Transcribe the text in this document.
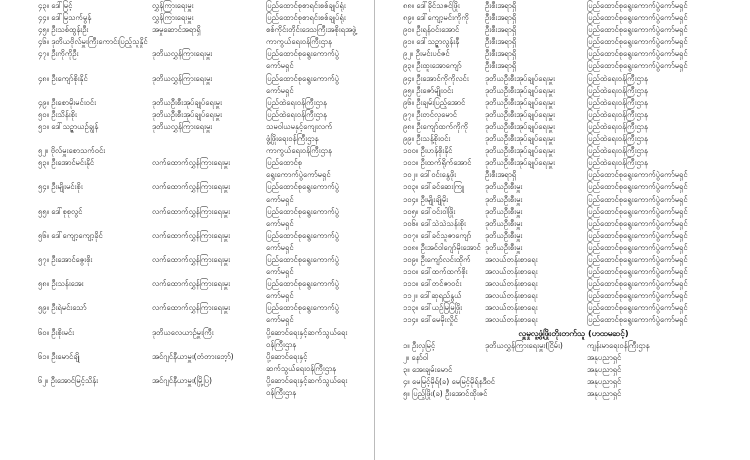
၄၃။ ဒေါ်မြင့်	လွှန်ကြားရေးမှူး	ပြည်ထောင်စုစာရင်းစစ်ချုပ်ရုံး
၄၄။ ဒေါ်မြသက်မွန်	လွှန်ကြားရေးမှူး	ပြည်ထောင်စုစာရင်းစစ်ချုပ်ရုံး
၄၅။ ဦးသစ်ထွန်းဦး	အမှုဆောင်အရာရှိ	စစ်ကိုင်းတိုင်းဒေသကြီးအစိုးရအဖွဲ့
၄၆။ ဒုတိယဗိုလ်မှူးကြီးကောင်းပြည့်သူနှိုင်	ကာကွယ်ရေးဝန်ကြီးဌာန
၄၇။ ဦးကိုကိုဦး	ဒုတိယလွှန်ကြားရေးမှူး	ပြည်ထောင်စုရွေးကောက်ပွဲ
ကော်မရှင်
၄၈။ ဦးကျော်စိုးနိုင်	ဒုတိယလွှန်ကြားရေးမှူး	ပြည်ထောင်စုရွေးကောက်ပွဲ
ကော်မရှင်
၄၉။ ဦးစောမိုးမင်းဝင်း	ဒုတိယဦးစီးအုပ်ချုပ်ရေးမှူး	ပြည်ထဲရေးဝန်ကြီးဌာန
၅၀။ ဦးသိန်းစိုး	ဒုတိယဦးစီးအုပ်ချုပ်ရေးမှူး	ပြည်ထဲရေးဝန်ကြီးဌာန
၅၁။ ဒေါ်သဉ္ဇာယဉ်ချွန်	ဒုတိယလွှန်ကြားရေးမှူး	သမဝါယမနှင့်ကျေးလက်
ဖွံ့ဖြိုးရေးဝန်ကြီးဌာန
၅၂။ ဗိုလ်မှူးစောသက်ဝင်း	ကာကွယ်ရေးဝန်ကြီးဌာန
၅၃။ ဦးအောင်မင်းနိုင်	လက်ထောက်လွှန်ကြားရေးမှူး	ပြည်ထောင်စု
ရွေးကောက်ပွဲကော်မရှင်
၅၄။ ဦးမျိုးမင်းစိုး	လက်ထောက်လွှန်ကြားရေးမှူး	ပြည်ထောင်စုရွေးကောက်ပွဲ
ကော်မရှင်
၅၅။ ဒေါ်စုစုလွင်	လက်ထောက်လွှန်ကြားရေးမှူး	ပြည်ထောင်စုရွေးကောက်ပွဲ
ကော်မရှင်
၅၆။ ဒေါ်ကျော့ကျော့ခိုင်	လက်ထောက်လွှန်ကြားရေးမှူး	ပြည်ထောင်စုရွေးကောက်ပွဲ
ကော်မရှင်
၅၇။ ဦးအောင်ဇွေးစိုး	လက်ထောက်လွှန်ကြားရေးမှူး	ပြည်ထောင်စုရွေးကောက်ပွဲ
ကော်မရှင်
၅၈။ ဦးသန်းအေး	လက်ထောက်လွှန်ကြားရေးမှူး	ပြည်ထောင်စုရွေးကောက်ပွဲ
ကော်မရှင်
၅၉။ ဦးရဲမင်းသော်	လက်ထောက်လွှန်ကြားရေးမှူး	ပြည်ထောင်စုရွေးကောက်ပွဲ
ကော်မရှင်
၆၀။ ဦးစိုးမင်း	ဒုတိယလေယာဉ်မှူးကြီး	ပို့ဆောင်ရေးနှင့်ဆက်သွယ်ရေး
ဝန်ကြီးဌာန
၆၁။ ဦးမောင်ချို	အင်ဂျင်နီယာမှူး(တံတားဘေ့ာ်)	ပို့ဆောင်ရေးနှင့်
ဆက်သွယ်ရေးဝန်ကြီးဌာန
၆၂။ ဦးအောင်မြင့်သိန်း	အင်ဂျင်နီယာမှူး(မြို့ပြ)	ပို့ဆောင်ရေးနှင့်ဆက်သွယ်ရေး
ဝန်ကြီးဌာန
၈၈။ ဒေါ်ခိုင်သဇင်ဖြိုး	ဦးစီးအရာရှိ	ပြည်ထောင်စုရွေးကောက်ပွဲကော်မရှင်
၈၉။ ဒေါ်ကျော့မင်းကိုကို	ဦးစီးအရာရှိ	ပြည်ထောင်စုရွေးကောက်ပွဲကော်မရှင်
၉၀။ ဦးရန်ဝင်းအောင်	ဦးစီးအရာရှိ	ပြည်ထောင်စုရွေးကောက်ပွဲကော်မရှင်
၉၁။ ဒေါ်သဉ္ဇာလွန်းနီ	ဦးစီးအရာရှိ	ပြည်ထောင်စုရွေးကောက်ပွဲကော်မရှင်
၉၂။ ဦးမင်းပင်ဇင်	ဦးစီးအရာရှိ	ပြည်ထောင်စုရွေးကောက်ပွဲကော်မရှင်
၉၃။ ဦးထူးအောကျော်	ဦးစီးအရာရှိ	ပြည်ထောင်စုရွေးကောက်ပွဲကော်မရှင်
၉၄။ ဦးအောင်ကိုကိုလင်း	ဒုတိယဦးစီးအုပ်ချုပ်ရေးမှူး	ပြည်ထဲရေးဝန်ကြီးဌာန
၉၅။ ဦးဇော်မျိုးဝင်း	ဒုတိယဦးစီးအုပ်ချုပ်ရေးမှူး	ပြည်ထဲရေးဝန်ကြီးဌာန
၉၆။ ဦးချမ်းပြည့်အောင်	ဒုတိယဦးစီးအုပ်ချုပ်ရေးမှူး	ပြည်ထဲရေးဝန်ကြီးဌာန
၉၇။ ဦးတင်လှမောင်	ဒုတိယဦးစီးအုပ်ချုပ်ရေးမှူး	ပြည်ထဲရေးဝန်ကြီးဌာန
၉၈။ ဦးကျော်ထက်ကိုကို	ဒုတိယဦးစီးအုပ်ချုပ်ရေးမှူး	ပြည်ထဲရေးဝန်ကြီးဌာန
၉၉။ ဦးသန့်စိုးဝင်း	ဒုတိယဦးစီးအုပ်ချုပ်ရေးမှူး	ပြည်ထဲရေးဝန်ကြီးဌာန
၁၀၀။ ဦးဟန်စိုးနိုင်	ဒုတိယဦးစီးအုပ်ချုပ်ရေးမှူး	ပြည်ထဲရေးဝန်ကြီးဌာန
၁၀၁။ ဦးထက်ရိုက်အောင်	ဒုတိယဦးစီးအုပ်ချုပ်ရေးမှူး	ပြည်ထဲရေးဝန်ကြီးဌာန
၁၀၂။ ဒေါ်ဝင်းနွေဖိုး	ဦးစီးအရာရှိ	ပြည်ထောင်စုရွေးကောက်ပွဲကော်မရှင်
၁၀၃။ ဒေါ်ခင်ဆေးကြူ	ဒုတိယဦးစီးမှူး	ပြည်ထောင်စုရွေးကောက်ပွဲကော်မရှင်
၁၀၄။ ဦးမျိုးချိုမိုး	ဒုတိယဦးစီးမှူး	ပြည်ထောင်စုရွေးကောက်ပွဲကော်မရှင်
၁၀၅။ ဒေါ်ဝင်းဝါဖြိုး	ဒုတိယဦးစီးမှူး	ပြည်ထောင်စုရွေးကောက်ပွဲကော်မရှင်
၁၀၆။ ဒေါ်သဲသဲသန်းစိုး	ဒုတိယဦးစီးမှူး	ပြည်ထောင်စုရွေးကောက်ပွဲကော်မရှင်
၁၀၇။ ဒေါ်ခင်သူဇာကျော်	ဒုတိယဦးစီးမှူး	ပြည်ထောင်စုရွေးကောက်ပွဲကော်မရှင်
၁၀၈။ ဦးအင်ဝါဂျော်မိုးအောင် ဒုတိယဦးစီးမှူး	ပြည်ထောင်စုရွေးကောက်ပွဲကော်မရှင်
၁၀၉။ ဦးကျော်လင်းထိုက်	အလယ်တန်းစာရေး	ပြည်ထောင်စုရွေးကောက်ပွဲကော်မရှင်
၁၁၀။ ဒေါ်ထက်ထက်စိုး	အလယ်တန်းစာရေး	ပြည်ထောင်စုရွေးကောက်ပွဲကော်မရှင်
၁၁၁။ ဒေါ်တင်ဇာဝင်း	အလယ်တန်းစာရေး	ပြည်ထောင်စုရွေးကောက်ပွဲကော်မရှင်
၁၁၂။ ဒေါ်ဆုရည်နွယ်	အလယ်တန်းစာရေး	ပြည်ထောင်စုရွေးကောက်ပွဲကော်မရှင်
၁၁၃။ ဒေါ်ယဉ်မြမြဖြိုး	အလယ်တန်းစာရေး	ပြည်ထောင်စုရွေးကောက်ပွဲကော်မရှင်
၁၁၄။ ဒေါ်မေမိုးလှိုင်	အလယ်တန်းစာရေး	ပြည်ထောင်စုရွေးကောက်ပွဲကော်မရှင်
လှူမှုလူ့ဖွံ့ဖြိုးတိုးတက်သူ (ဟထမဆင့်)
၁။ ဦးလှမြင့်	ဒုတိယလွှန်ကြားရေးမှူး(ငြိမ်း)	ကျန်းမာရေးဝန်ကြီးဌာန
၂။ နော်ဝါ	အနုပညာရှင်
၃။ အေးချမ်းမောင်	အနုပညာရှင်
၄။ မေမြင့်မိုရ်(ခ) မေမြင့်မိုရ်နဒီဝင်	အနုပညာရှင်
၅။ ပြည့်ဖြိုး(ခ) ဦးအောင်ထိုးဇင်	အနုပညာရှင်
